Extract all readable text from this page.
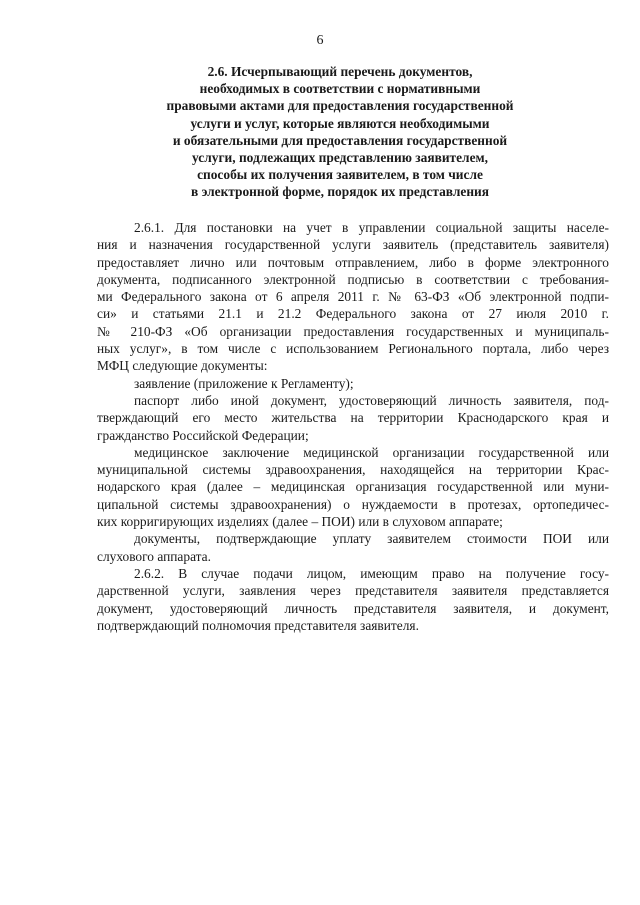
6
2.6. Исчерпывающий перечень документов,
необходимых в соответствии с нормативными
правовыми актами для предоставления государственной
услуги и услуг, которые являются необходимыми
и обязательными для предоставления государственной
услуги, подлежащих представлению заявителем,
способы их получения заявителем, в том числе
в электронной форме, порядок их представления

2.6.1. Для постановки на учет в управлении социальной защиты населе-
ния и назначения государственной услуги заявитель (представитель заявителя)
предоставляет лично или почтовым отправлением, либо в форме электронного
документа, подписанного электронной подписью в соответствии с требования-
ми Федерального закона от 6 апреля 2011 г. № 63-ФЗ «Об электронной подпи-
си» и статьями 21.1 и 21.2 Федерального закона от 27 июля 2010 г.
№ 210-ФЗ «Об организации предоставления государственных и муниципаль-
ных услуг», в том числе с использованием Регионального портала, либо через
МФЦ следующие документы:

заявление (приложение к Регламенту);

паспорт либо иной документ, удостоверяющий личность заявителя, под-
тверждающий его место жительства на территории Краснодарского края и
гражданство Российской Федерации;

медицинское заключение медицинской организации государственной или
муниципальной системы здравоохранения, находящейся на территории Крас-
нодарского края (далее – медицинская организация государственной или муни-
ципальной системы здравоохранения) о нуждаемости в протезах, ортопедичес-
ких корригирующих изделиях (далее – ПОИ) или в слуховом аппарате;

документы, подтверждающие уплату заявителем стоимости ПОИ или
слухового аппарата.

2.6.2. В случае подачи лицом, имеющим право на получение госу-
дарственной услуги, заявления через представителя заявителя представляется
документ, удостоверяющий личность представителя заявителя, и документ,
подтверждающий полномочия представителя заявителя.
